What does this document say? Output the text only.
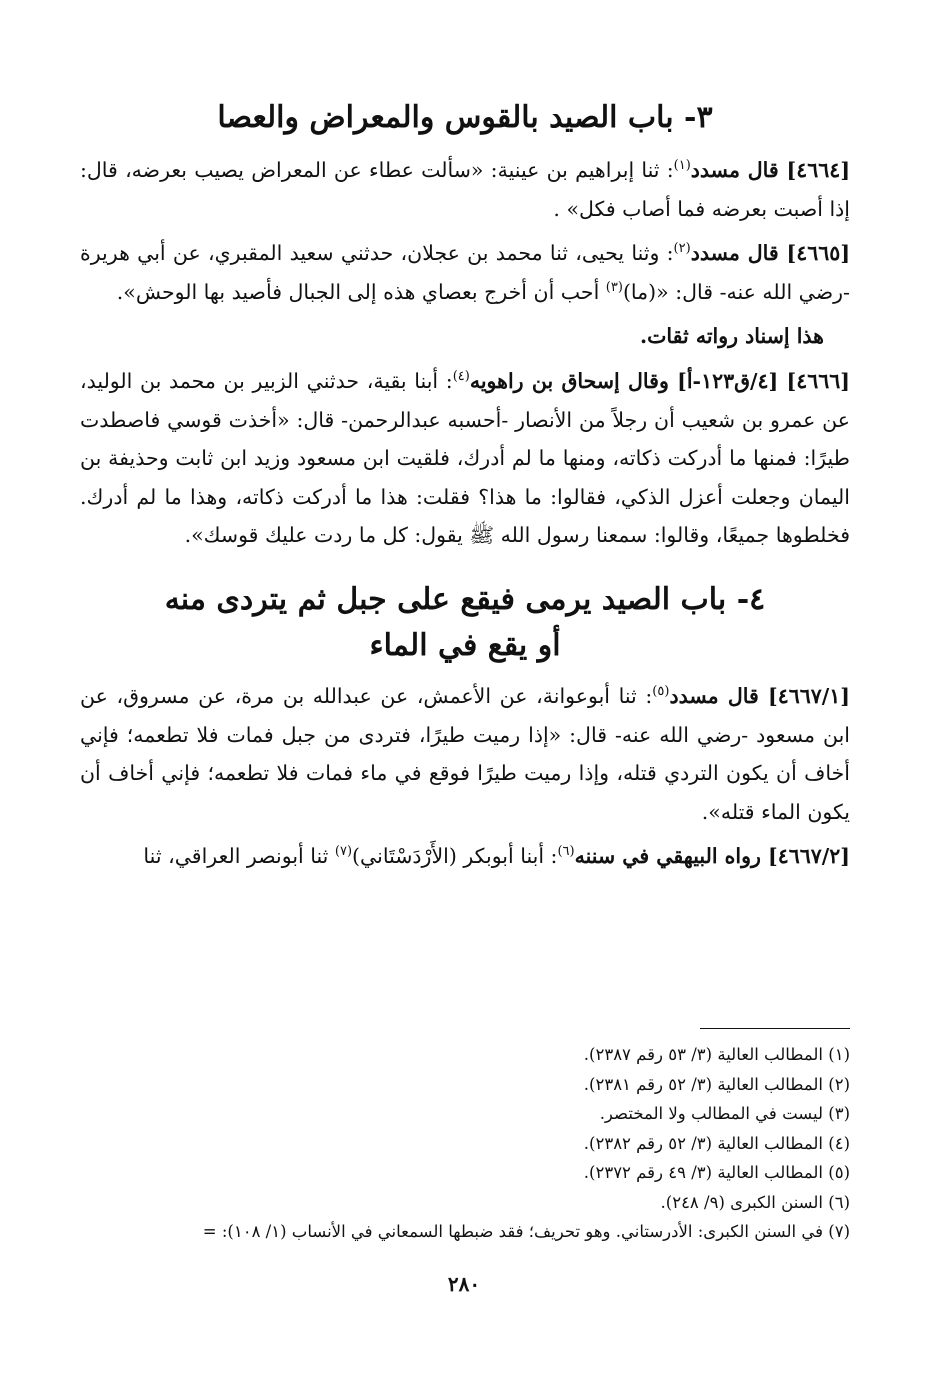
٣- باب الصيد بالقوس والمعراض والعصا

[٤٦٦٤] قال مسدد$^{(١)}$: ثنا إبراهيم بن عينية: «سألت عطاء عن المعراض يصيب بعرضه، قال: إذا أصبت بعرضه فما أصاب فكل» .

[٤٦٦٥] قال مسدد$^{(٢)}$: وثنا يحيى، ثنا محمد بن عجلان، حدثني سعيد المقبري، عن أبي هريرة -رضي الله عنه- قال: «(ما)$^{(٣)}$ أحب أن أخرج بعصاي هذه إلى الجبال فأصيد بها الوحش».

هذا إسناد رواته ثقات.

[٤٦٦٦] [٤/ق١٢٣-أ] وقال إسحاق بن راهويه$^{(٤)}$: أبنا بقية، حدثني الزبير بن محمد بن الوليد، عن عمرو بن شعيب أن رجلاً من الأنصار -أحسبه عبدالرحمن- قال: «أخذت قوسي فاصطدت طيرًا: فمنها ما أدركت ذكاته، ومنها ما لم أدرك، فلقيت ابن مسعود وزيد ابن ثابت وحذيفة بن اليمان وجعلت أعزل الذكي، فقالوا: ما هذا؟ فقلت: هذا ما أدركت ذكاته، وهذا ما لم أدرك. فخلطوها جميعًا، وقالوا: سمعنا رسول الله ﷺ يقول: كل ما ردت عليك قوسك».

٤- باب الصيد يرمى فيقع على جبل ثم يتردى منه
أو يقع في الماء

[٤٦٦٧/١] قال مسدد$^{(٥)}$: ثنا أبوعوانة، عن الأعمش، عن عبدالله بن مرة، عن مسروق، عن ابن مسعود -رضي الله عنه- قال: «إذا رميت طيرًا، فتردى من جبل فمات فلا تطعمه؛ فإني أخاف أن يكون التردي قتله، وإذا رميت طيرًا فوقع في ماء فمات فلا تطعمه؛ فإني أخاف أن يكون الماء قتله».

[٤٦٦٧/٢] رواه البيهقي في سننه$^{(٦)}$: أبنا أبوبكر (الأَرْدَسْتَاني)$^{(٧)}$ ثنا أبونصر العراقي، ثنا

(١) المطالب العالية (٣/ ٥٣ رقم ٢٣٨٧).
(٢) المطالب العالية (٣/ ٥٢ رقم ٢٣٨١).
(٣) ليست في المطالب ولا المختصر.
(٤) المطالب العالية (٣/ ٥٢ رقم ٢٣٨٢).
(٥) المطالب العالية (٣/ ٤٩ رقم ٢٣٧٢).
(٦) السنن الكبرى (٩/ ٢٤٨).
(٧) في السنن الكبرى: الأدرستاني. وهو تحريف؛ فقد ضبطها السمعاني في الأنساب (١/ ١٠٨): =
٢٨٠
